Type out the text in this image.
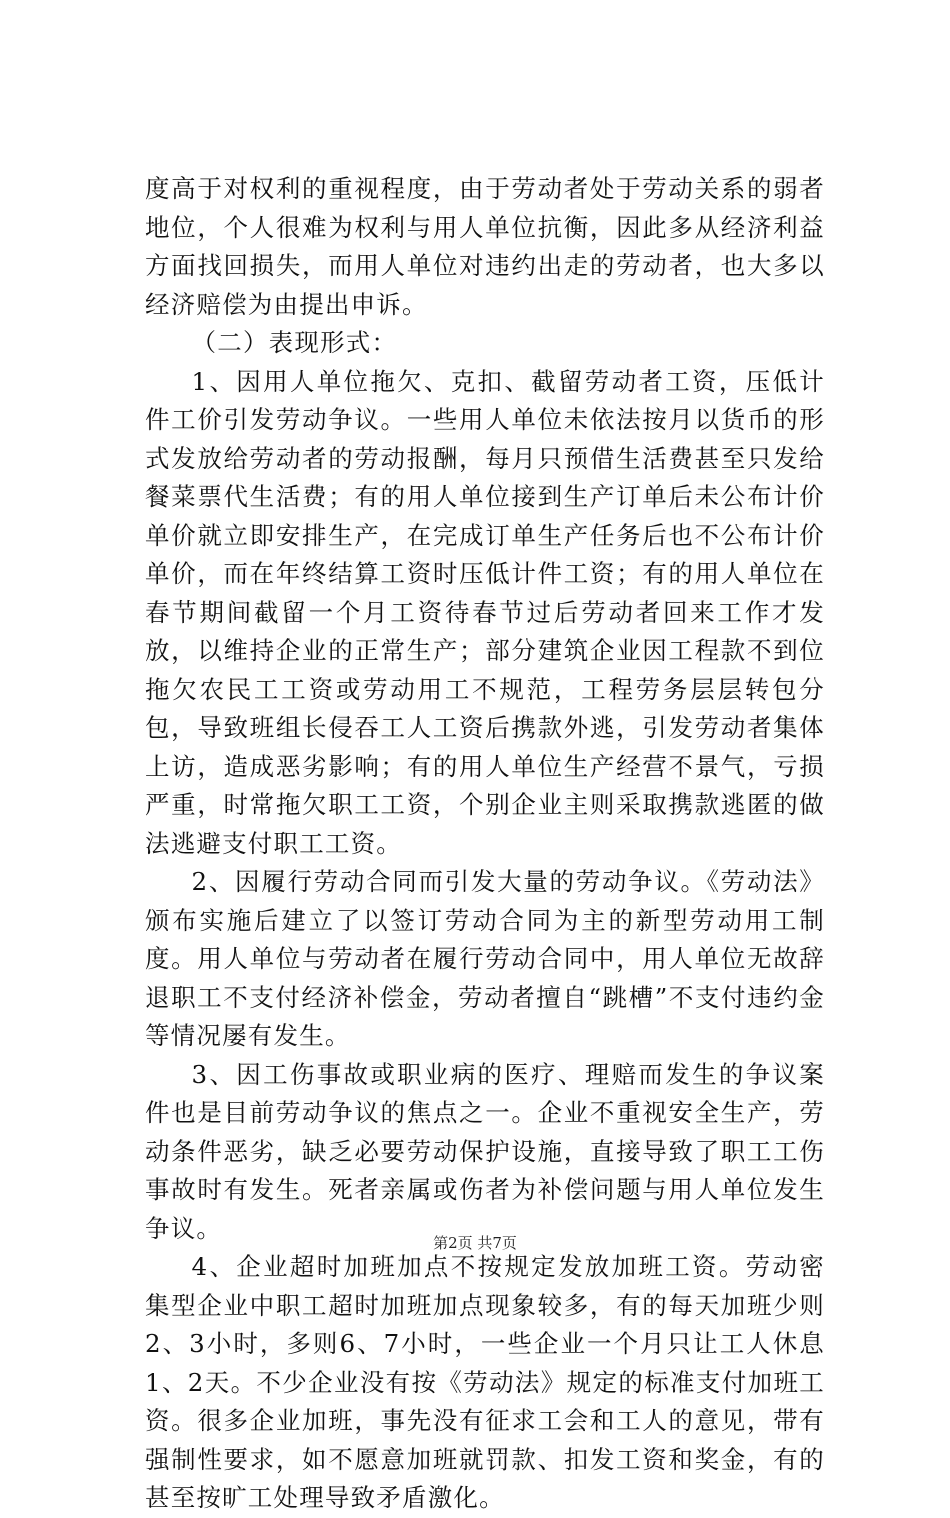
度高于对权利的重视程度，由于劳动者处于劳动关系的弱者地位，个人很难为权利与用人单位抗衡，因此多从经济利益方面找回损失，而用人单位对违约出走的劳动者，也大多以经济赔偿为由提出申诉。

（二）表现形式：

1、因用人单位拖欠、克扣、截留劳动者工资，压低计件工价引发劳动争议。一些用人单位未依法按月以货币的形式发放给劳动者的劳动报酬，每月只预借生活费甚至只发给餐菜票代生活费；有的用人单位接到生产订单后未公布计价单价就立即安排生产，在完成订单生产任务后也不公布计价单价，而在年终结算工资时压低计件工资；有的用人单位在春节期间截留一个月工资待春节过后劳动者回来工作才发放，以维持企业的正常生产；部分建筑企业因工程款不到位拖欠农民工工资或劳动用工不规范，工程劳务层层转包分包，导致班组长侵吞工人工资后携款外逃，引发劳动者集体上访，造成恶劣影响；有的用人单位生产经营不景气，亏损严重，时常拖欠职工工资，个别企业主则采取携款逃匿的做法逃避支付职工工资。

2、因履行劳动合同而引发大量的劳动争议。《劳动法》颁布实施后建立了以签订劳动合同为主的新型劳动用工制度。用人单位与劳动者在履行劳动合同中，用人单位无故辞退职工不支付经济补偿金，劳动者擅自“跳槽”不支付违约金等情况屡有发生。

3、因工伤事故或职业病的医疗、理赔而发生的争议案件也是目前劳动争议的焦点之一。企业不重视安全生产，劳动条件恶劣，缺乏必要劳动保护设施，直接导致了职工工伤事故时有发生。死者亲属或伤者为补偿问题与用人单位发生争议。

4、企业超时加班加点不按规定发放加班工资。劳动密集型企业中职工超时加班加点现象较多，有的每天加班少则2、3小时，多则6、7小时，一些企业一个月只让工人休息1、2天。不少企业没有按《劳动法》规定的标准支付加班工资。很多企业加班，事先没有征求工会和工人的意见，带有强制性要求，如不愿意加班就罚款、扣发工资和奖金，有的甚至按旷工处理导致矛盾激化。

第2页 共7页
